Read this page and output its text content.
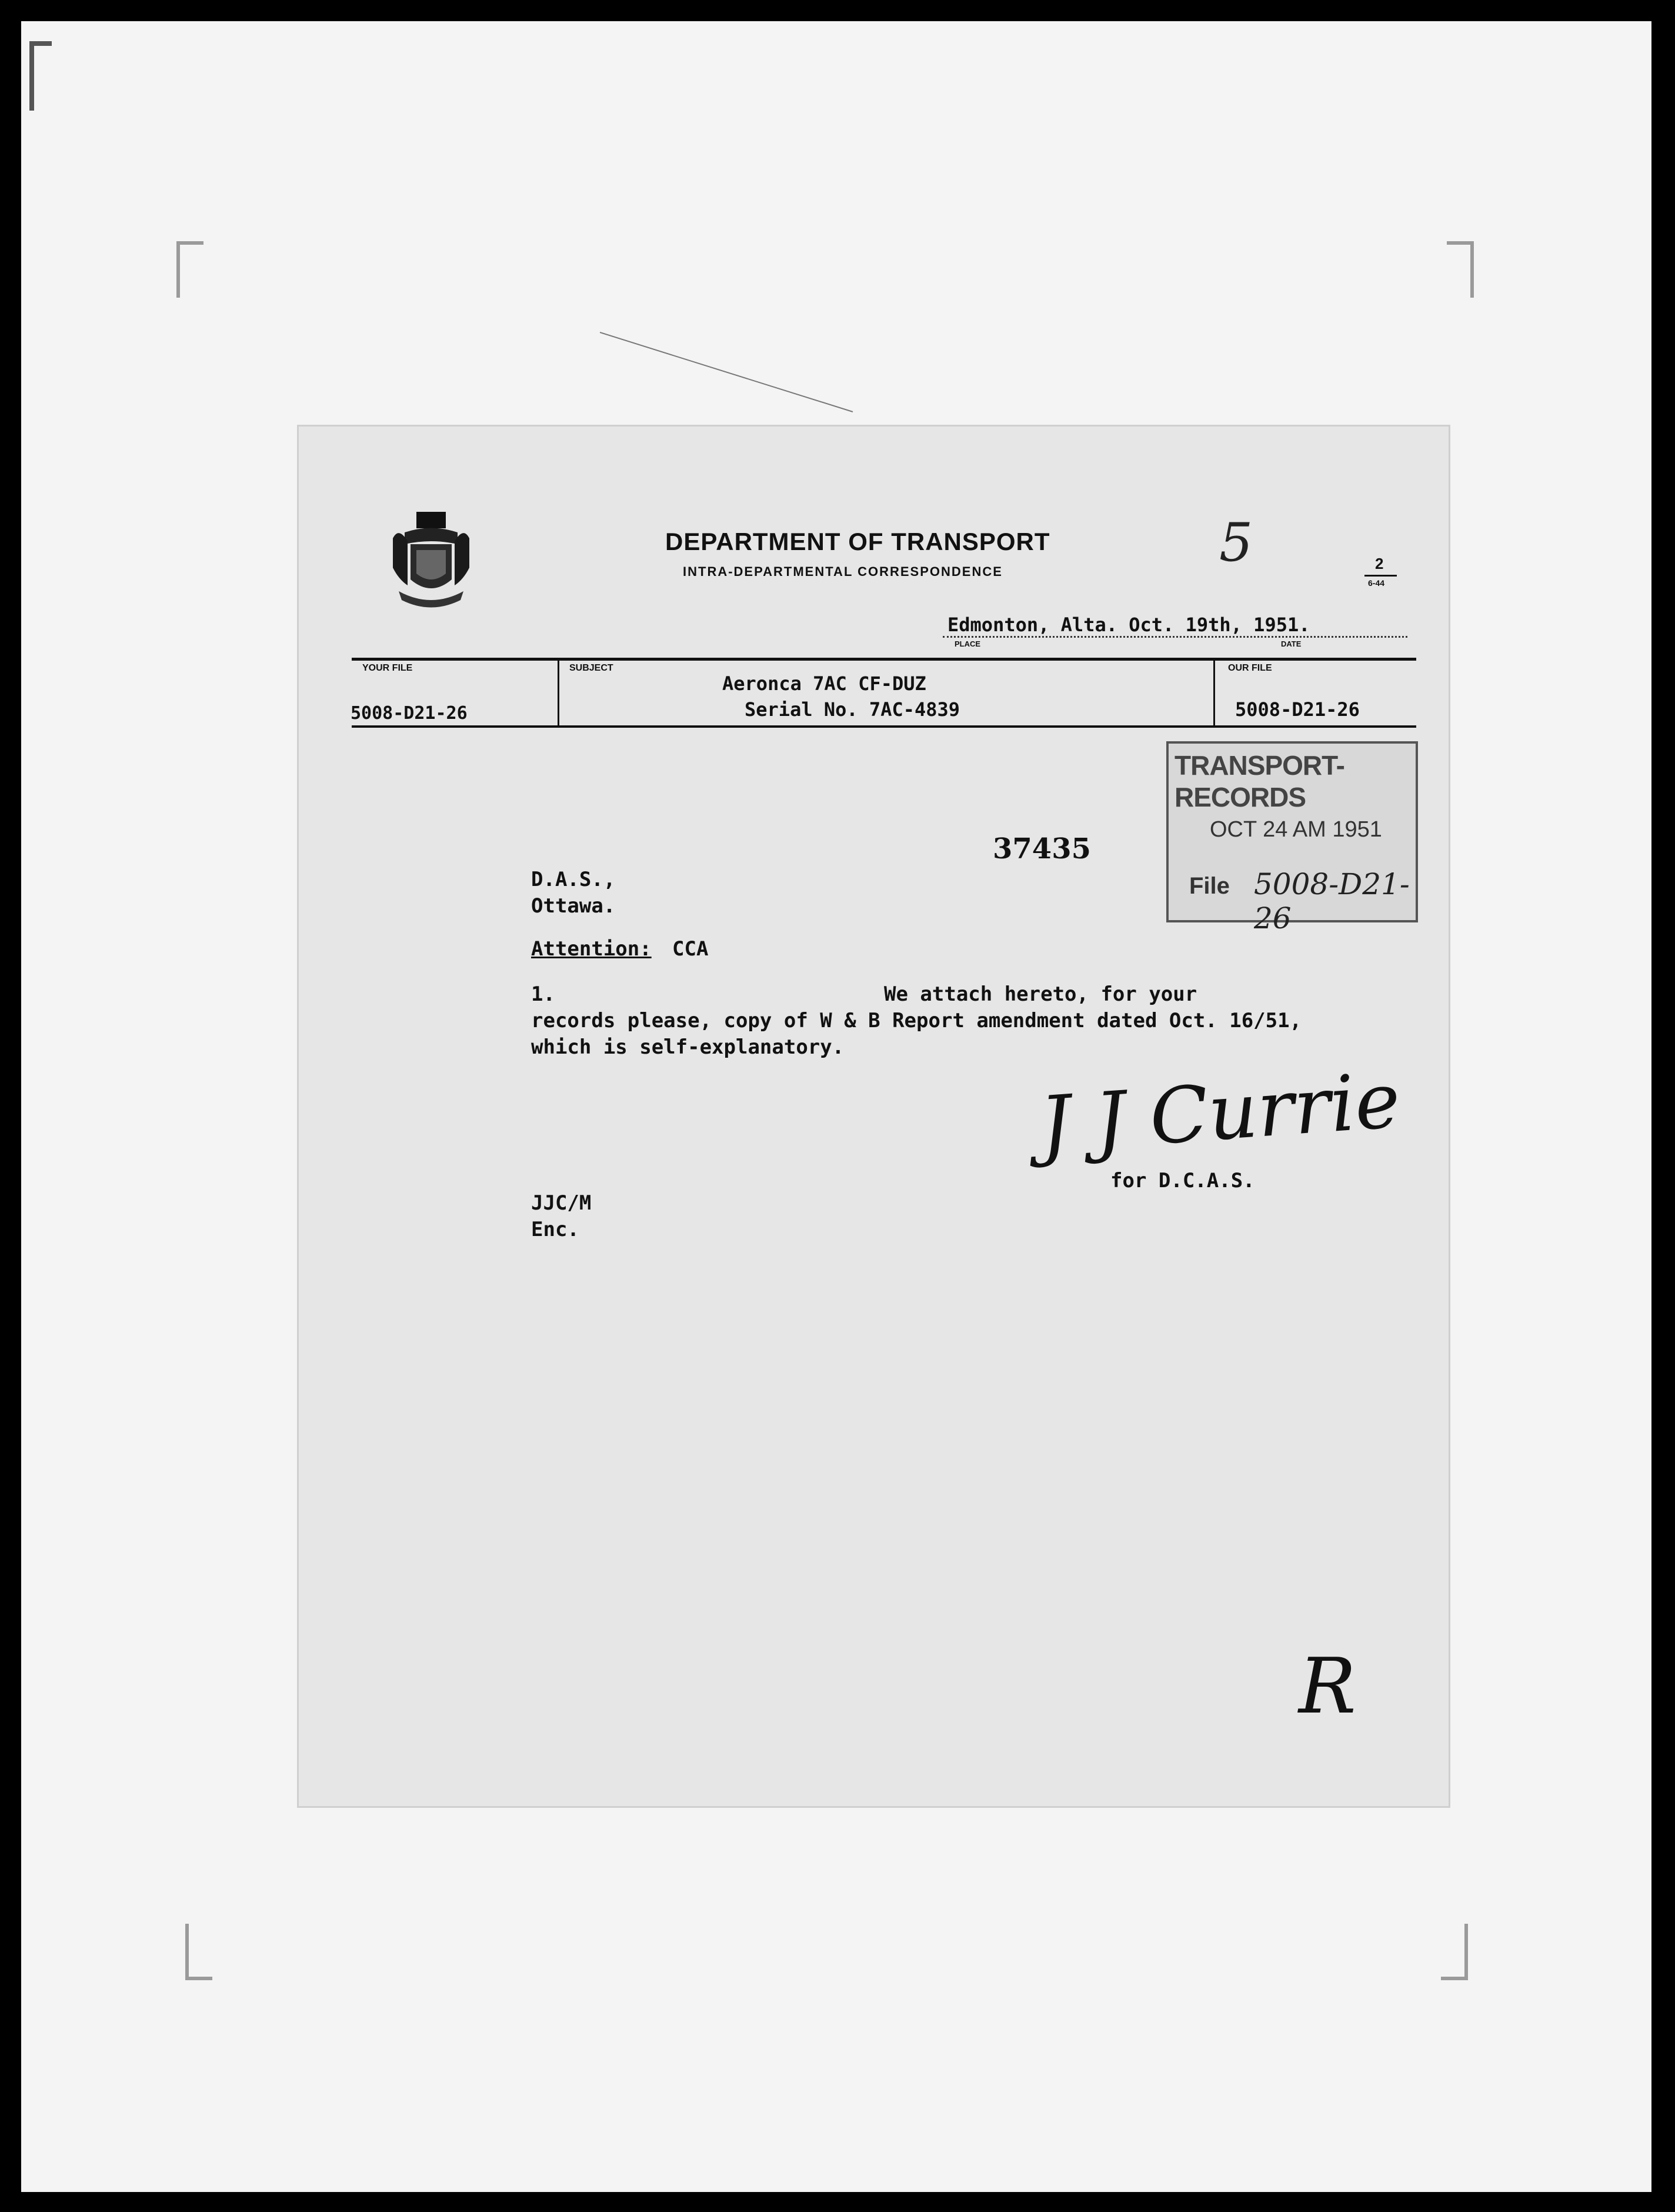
DEPARTMENT OF TRANSPORT
INTRA-DEPARTMENTAL CORRESPONDENCE	5	2
6-44
Edmonton, Alta. Oct. 19th, 1951.
PLACE	DATE
YOUR FILE
5008-D21-26
SUBJECT
Aeronca 7AC CF-DUZ
Serial No. 7AC-4839
OUR FILE
5008-D21-26
TRANSPORT-RECORDS
OCT 24 AM 1951
File 5008-D21-26
37435
D.A.S.,
Ottawa.
Attention: CCA
1.	We attach hereto, for your
records please, copy of W & B Report amendment dated Oct. 16/51,
which is self-explanatory.
J J Currie
for D.C.A.S.
JJC/M
Enc.
R
